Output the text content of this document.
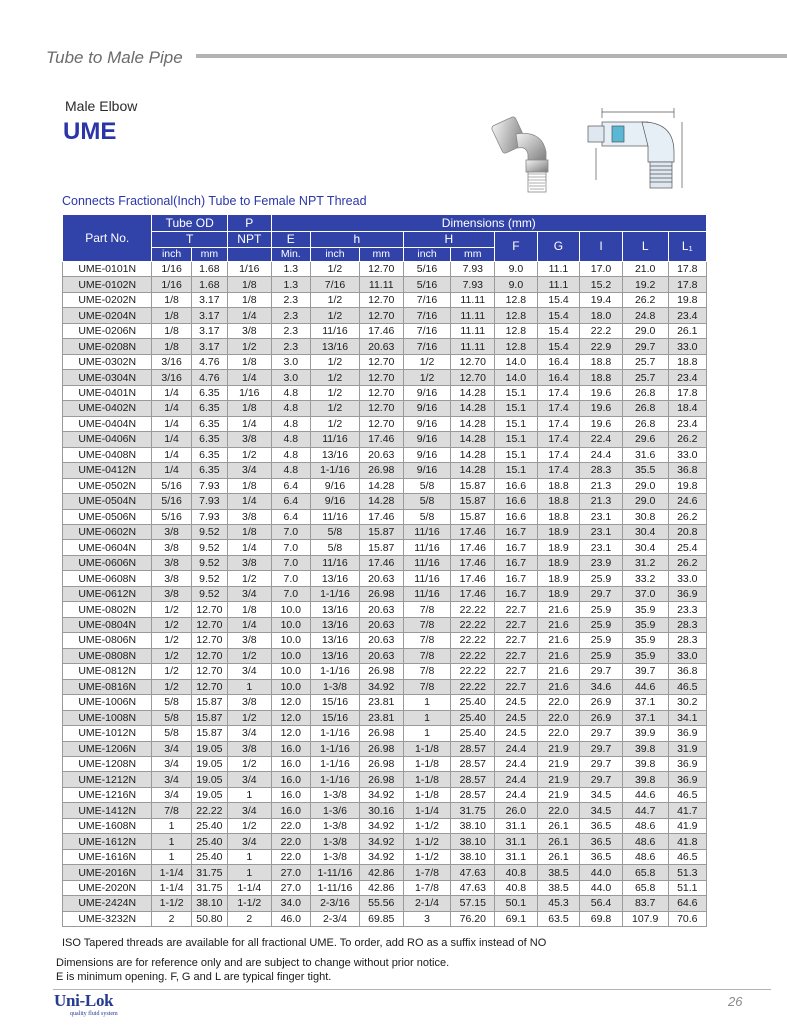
Tube to Male Pipe
Male Elbow
UME
Connects Fractional(Inch) Tube to Female NPT Thread
Part No.	Tube OD		P	Dimensions (mm)									
	T		NPT	E	h		H		F	G	I	L	L₁
	inch	mm		Min.	inch	mm	inch	mm					
UME-0101N	1/16	1.68	1/16	1.3	1/2	12.70	5/16	7.93	9.0	11.1	17.0	21.0	17.8
UME-0102N	1/16	1.68	1/8	1.3	7/16	11.11	5/16	7.93	9.0	11.1	15.2	19.2	17.8
UME-0202N	1/8	3.17	1/8	2.3	1/2	12.70	7/16	11.11	12.8	15.4	19.4	26.2	19.8
UME-0204N	1/8	3.17	1/4	2.3	1/2	12.70	7/16	11.11	12.8	15.4	18.0	24.8	23.4
UME-0206N	1/8	3.17	3/8	2.3	11/16	17.46	7/16	11.11	12.8	15.4	22.2	29.0	26.1
UME-0208N	1/8	3.17	1/2	2.3	13/16	20.63	7/16	11.11	12.8	15.4	22.9	29.7	33.0
UME-0302N	3/16	4.76	1/8	3.0	1/2	12.70	1/2	12.70	14.0	16.4	18.8	25.7	18.8
UME-0304N	3/16	4.76	1/4	3.0	1/2	12.70	1/2	12.70	14.0	16.4	18.8	25.7	23.4
UME-0401N	1/4	6.35	1/16	4.8	1/2	12.70	9/16	14.28	15.1	17.4	19.6	26.8	17.8
UME-0402N	1/4	6.35	1/8	4.8	1/2	12.70	9/16	14.28	15.1	17.4	19.6	26.8	18.4
UME-0404N	1/4	6.35	1/4	4.8	1/2	12.70	9/16	14.28	15.1	17.4	19.6	26.8	23.4
UME-0406N	1/4	6.35	3/8	4.8	11/16	17.46	9/16	14.28	15.1	17.4	22.4	29.6	26.2
UME-0408N	1/4	6.35	1/2	4.8	13/16	20.63	9/16	14.28	15.1	17.4	24.4	31.6	33.0
UME-0412N	1/4	6.35	3/4	4.8	1-1/16	26.98	9/16	14.28	15.1	17.4	28.3	35.5	36.8
UME-0502N	5/16	7.93	1/8	6.4	9/16	14.28	5/8	15.87	16.6	18.8	21.3	29.0	19.8
UME-0504N	5/16	7.93	1/4	6.4	9/16	14.28	5/8	15.87	16.6	18.8	21.3	29.0	24.6
UME-0506N	5/16	7.93	3/8	6.4	11/16	17.46	5/8	15.87	16.6	18.8	23.1	30.8	26.2
UME-0602N	3/8	9.52	1/8	7.0	5/8	15.87	11/16	17.46	16.7	18.9	23.1	30.4	20.8
UME-0604N	3/8	9.52	1/4	7.0	5/8	15.87	11/16	17.46	16.7	18.9	23.1	30.4	25.4
UME-0606N	3/8	9.52	3/8	7.0	11/16	17.46	11/16	17.46	16.7	18.9	23.9	31.2	26.2
UME-0608N	3/8	9.52	1/2	7.0	13/16	20.63	11/16	17.46	16.7	18.9	25.9	33.2	33.0
UME-0612N	3/8	9.52	3/4	7.0	1-1/16	26.98	11/16	17.46	16.7	18.9	29.7	37.0	36.9
UME-0802N	1/2	12.70	1/8	10.0	13/16	20.63	7/8	22.22	22.7	21.6	25.9	35.9	23.3
UME-0804N	1/2	12.70	1/4	10.0	13/16	20.63	7/8	22.22	22.7	21.6	25.9	35.9	28.3
UME-0806N	1/2	12.70	3/8	10.0	13/16	20.63	7/8	22.22	22.7	21.6	25.9	35.9	28.3
UME-0808N	1/2	12.70	1/2	10.0	13/16	20.63	7/8	22.22	22.7	21.6	25.9	35.9	33.0
UME-0812N	1/2	12.70	3/4	10.0	1-1/16	26.98	7/8	22.22	22.7	21.6	29.7	39.7	36.8
UME-0816N	1/2	12.70	1	10.0	1-3/8	34.92	7/8	22.22	22.7	21.6	34.6	44.6	46.5
UME-1006N	5/8	15.87	3/8	12.0	15/16	23.81	1	25.40	24.5	22.0	26.9	37.1	30.2
UME-1008N	5/8	15.87	1/2	12.0	15/16	23.81	1	25.40	24.5	22.0	26.9	37.1	34.1
UME-1012N	5/8	15.87	3/4	12.0	1-1/16	26.98	1	25.40	24.5	22.0	29.7	39.9	36.9
UME-1206N	3/4	19.05	3/8	16.0	1-1/16	26.98	1-1/8	28.57	24.4	21.9	29.7	39.8	31.9
UME-1208N	3/4	19.05	1/2	16.0	1-1/16	26.98	1-1/8	28.57	24.4	21.9	29.7	39.8	36.9
UME-1212N	3/4	19.05	3/4	16.0	1-1/16	26.98	1-1/8	28.57	24.4	21.9	29.7	39.8	36.9
UME-1216N	3/4	19.05	1	16.0	1-3/8	34.92	1-1/8	28.57	24.4	21.9	34.5	44.6	46.5
UME-1412N	7/8	22.22	3/4	16.0	1-3/6	30.16	1-1/4	31.75	26.0	22.0	34.5	44.7	41.7
UME-1608N	1	25.40	1/2	22.0	1-3/8	34.92	1-1/2	38.10	31.1	26.1	36.5	48.6	41.9
UME-1612N	1	25.40	3/4	22.0	1-3/8	34.92	1-1/2	38.10	31.1	26.1	36.5	48.6	41.8
UME-1616N	1	25.40	1	22.0	1-3/8	34.92	1-1/2	38.10	31.1	26.1	36.5	48.6	46.5
UME-2016N	1-1/4	31.75	1	27.0	1-11/16	42.86	1-7/8	47.63	40.8	38.5	44.0	65.8	51.3
UME-2020N	1-1/4	31.75	1-1/4	27.0	1-11/16	42.86	1-7/8	47.63	40.8	38.5	44.0	65.8	51.1
UME-2424N	1-1/2	38.10	1-1/2	34.0	2-3/16	55.56	2-1/4	57.15	50.1	45.3	56.4	83.7	64.6
UME-3232N	2	50.80	2	46.0	2-3/4	69.85	3	76.20	69.1	63.5	69.8	107.9	70.6
ISO Tapered threads are available for all fractional UME. To order, add RO as a suffix instead of NO
Dimensions are for reference only and are subject to change without prior notice.
E is minimum opening. F, G and L are typical finger tight.
Uni-Lok
quality fluid system
26
